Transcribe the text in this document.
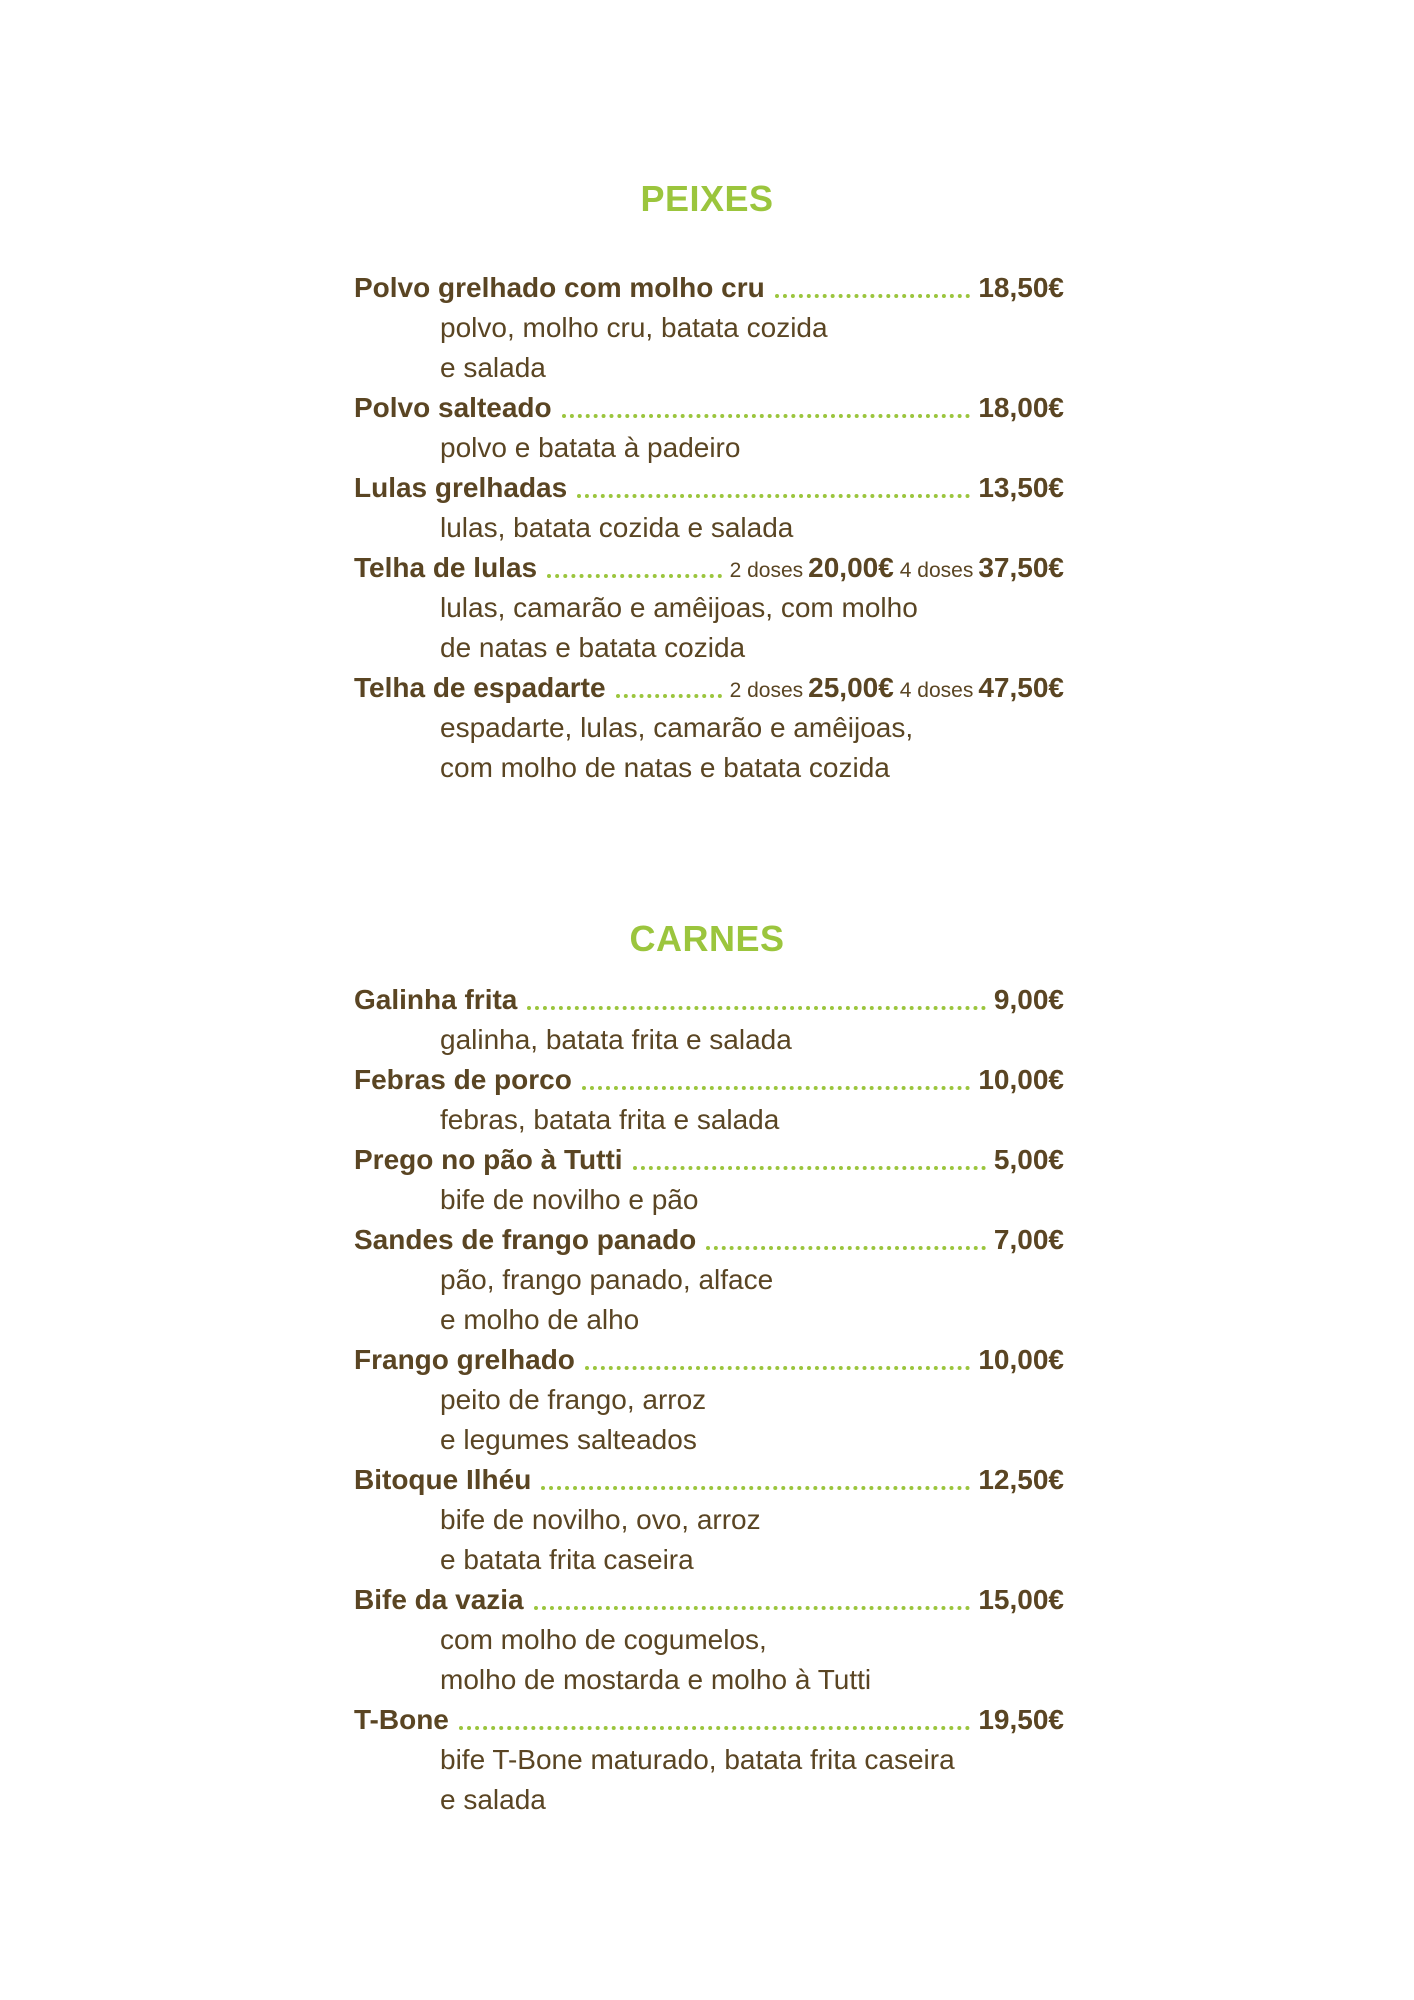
PEIXES
Polvo grelhado com molho cru	18,50€
polvo, molho cru, batata cozida
e salada
Polvo salteado	18,00€
polvo e batata à padeiro
Lulas grelhadas	13,50€
lulas, batata cozida e salada
Telha de lulas	2 doses 20,00€ 4 doses 37,50€
lulas, camarão e amêijoas, com molho
de natas e batata cozida
Telha de espadarte	2 doses 25,00€ 4 doses 47,50€
espadarte, lulas, camarão e amêijoas,
com molho de natas e batata cozida
CARNES
Galinha frita	9,00€
galinha, batata frita e salada
Febras de porco	10,00€
febras, batata frita e salada
Prego no pão à Tutti	5,00€
bife de novilho e pão
Sandes de frango panado	7,00€
pão, frango panado, alface
e molho de alho
Frango grelhado	10,00€
peito de frango, arroz
e legumes salteados
Bitoque Ilhéu	12,50€
bife de novilho, ovo, arroz
e batata frita caseira
Bife da vazia	15,00€
com molho de cogumelos,
molho de mostarda e molho à Tutti
T-Bone	19,50€
bife T-Bone maturado, batata frita caseira
e salada
